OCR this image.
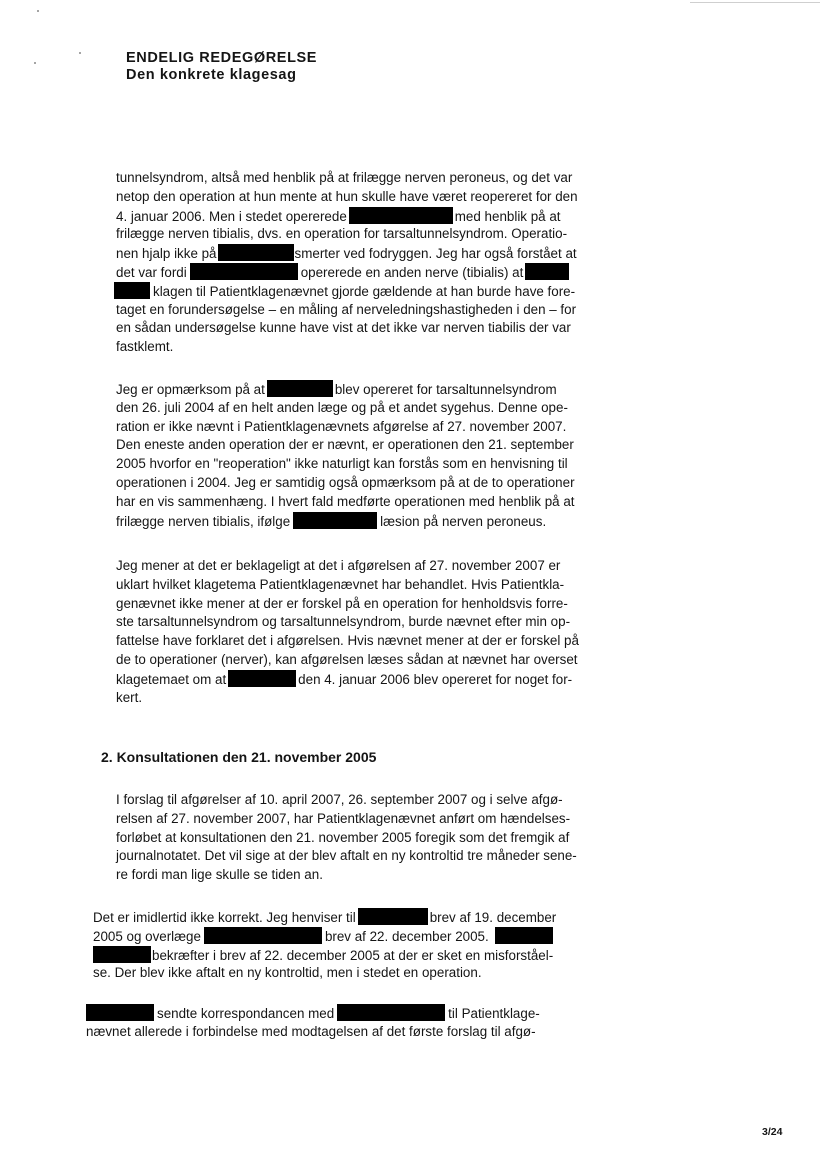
ENDELIG REDEGØRELSE
Den konkrete klagesag
tunnelsyndrom, altså med henblik på at frilægge nerven peroneus, og det var
netop den operation at hun mente at hun skulle have været reopereret for den
4. januar 2006. Men i stedet opererede	med henblik på at
frilægge nerven tibialis, dvs. en operation for tarsaltunnelsyndrom. Operatio-
nen hjalp ikke på	smerter ved fodryggen. Jeg har også forstået at
det var fordi	opererede en anden nerve (tibialis) at
klagen til Patientklagenævnet gjorde gældende at han burde have fore-
taget en forundersøgelse – en måling af nerveledningshastigheden i den – for
en sådan undersøgelse kunne have vist at det ikke var nerven tiabilis der var
fastklemt.
Jeg er opmærksom på at	blev opereret for tarsaltunnelsyndrom
den 26. juli 2004 af en helt anden læge og på et andet sygehus. Denne ope-
ration er ikke nævnt i Patientklagenævnets afgørelse af 27. november 2007.
Den eneste anden operation der er nævnt, er operationen den 21. september
2005 hvorfor en "reoperation" ikke naturligt kan forstås som en henvisning til
operationen i 2004. Jeg er samtidig også opmærksom på at de to operationer
har en vis sammenhæng. I hvert fald medførte operationen med henblik på at
frilægge nerven tibialis, ifølge	læsion på nerven peroneus.
Jeg mener at det er beklageligt at det i afgørelsen af 27. november 2007 er
uklart hvilket klagetema Patientklagenævnet har behandlet. Hvis Patientkla-
genævnet ikke mener at der er forskel på en operation for henholdsvis forre-
ste tarsaltunnelsyndrom og tarsaltunnelsyndrom, burde nævnet efter min op-
fattelse have forklaret det i afgørelsen. Hvis nævnet mener at der er forskel på
de to operationer (nerver), kan afgørelsen læses sådan at nævnet har overset
klagetemaet om at	den 4. januar 2006 blev opereret for noget for-
kert.
2. Konsultationen den 21. november 2005
I forslag til afgørelser af 10. april 2007, 26. september 2007 og i selve afgø-
relsen af 27. november 2007, har Patientklagenævnet anført om hændelses-
forløbet at konsultationen den 21. november 2005 foregik som det fremgik af
journalnotatet. Det vil sige at der blev aftalt en ny kontroltid tre måneder sene-
re fordi man lige skulle se tiden an.
Det er imidlertid ikke korrekt. Jeg henviser til	brev af 19. december
2005 og overlæge	brev af 22. december 2005.
bekræfter i brev af 22. december 2005 at der er sket en misforståel-
se. Der blev ikke aftalt en ny kontroltid, men i stedet en operation.
sendte korrespondancen med	til Patientklage-
nævnet allerede i forbindelse med modtagelsen af det første forslag til afgø-
3/24
